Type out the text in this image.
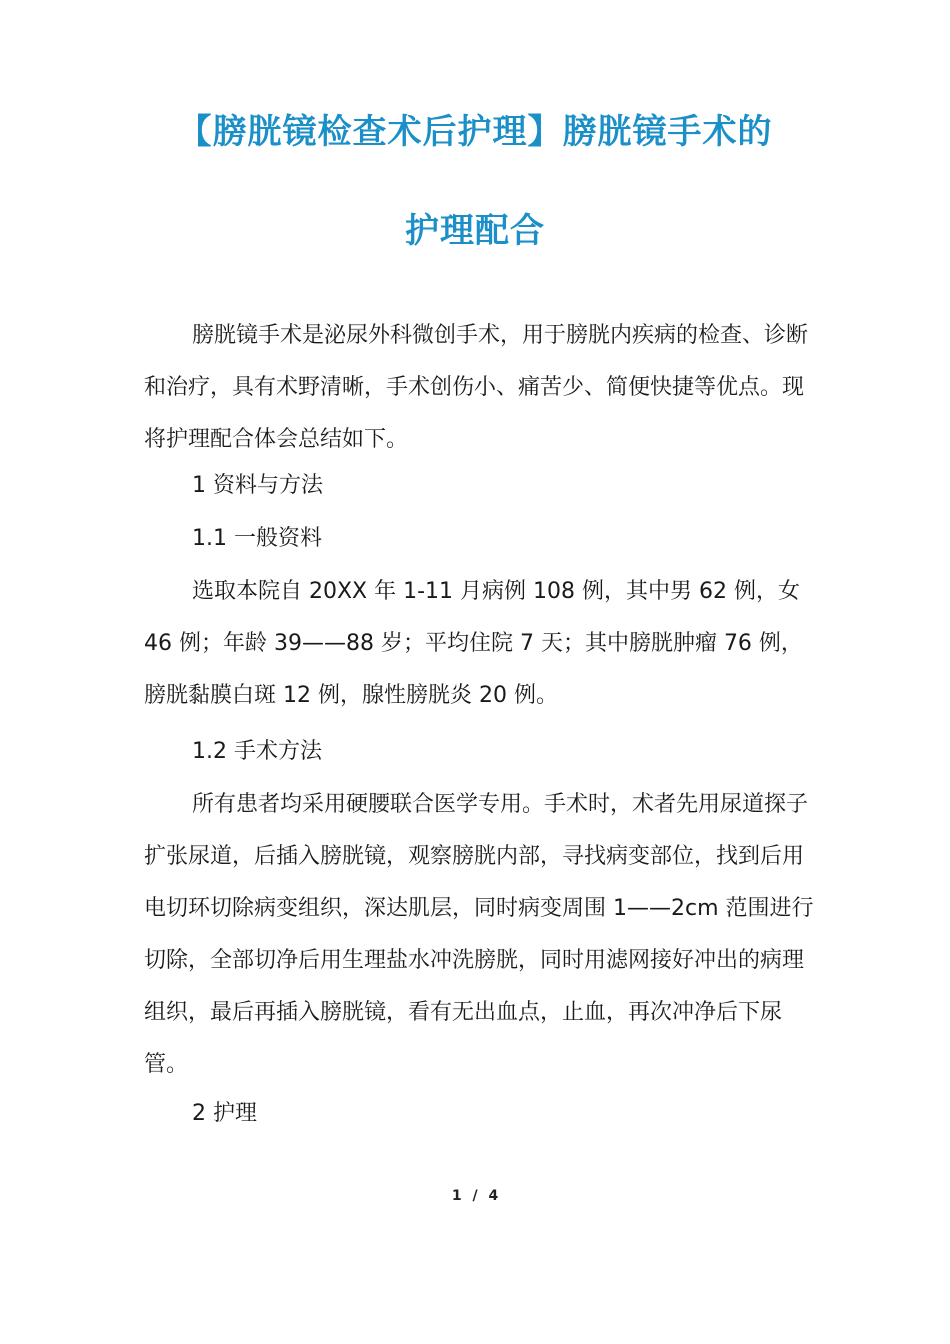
【膀胱镜检查术后护理】膀胱镜手术的
护理配合

膀胱镜手术是泌尿外科微创手术，用于膀胱内疾病的检查、诊断和治疗，具有术野清晰，手术创伤小、痛苦少、简便快捷等优点。现将护理配合体会总结如下。

1 资料与方法

1.1 一般资料

选取本院自 20XX 年 1-11 月病例 108 例，其中男 62 例，女 46 例；年龄 39——88 岁；平均住院 7 天；其中膀胱肿瘤 76 例，膀胱黏膜白斑 12 例，腺性膀胱炎 20 例。

1.2 手术方法

所有患者均采用硬腰联合医学专用。手术时，术者先用尿道探子扩张尿道，后插入膀胱镜，观察膀胱内部，寻找病变部位，找到后用电切环切除病变组织，深达肌层，同时病变周围 1——2cm 范围进行切除，全部切净后用生理盐水冲洗膀胱，同时用滤网接好冲出的病理组织，最后再插入膀胱镜，看有无出血点，止血，再次冲净后下尿管。

2 护理

1 / 4
